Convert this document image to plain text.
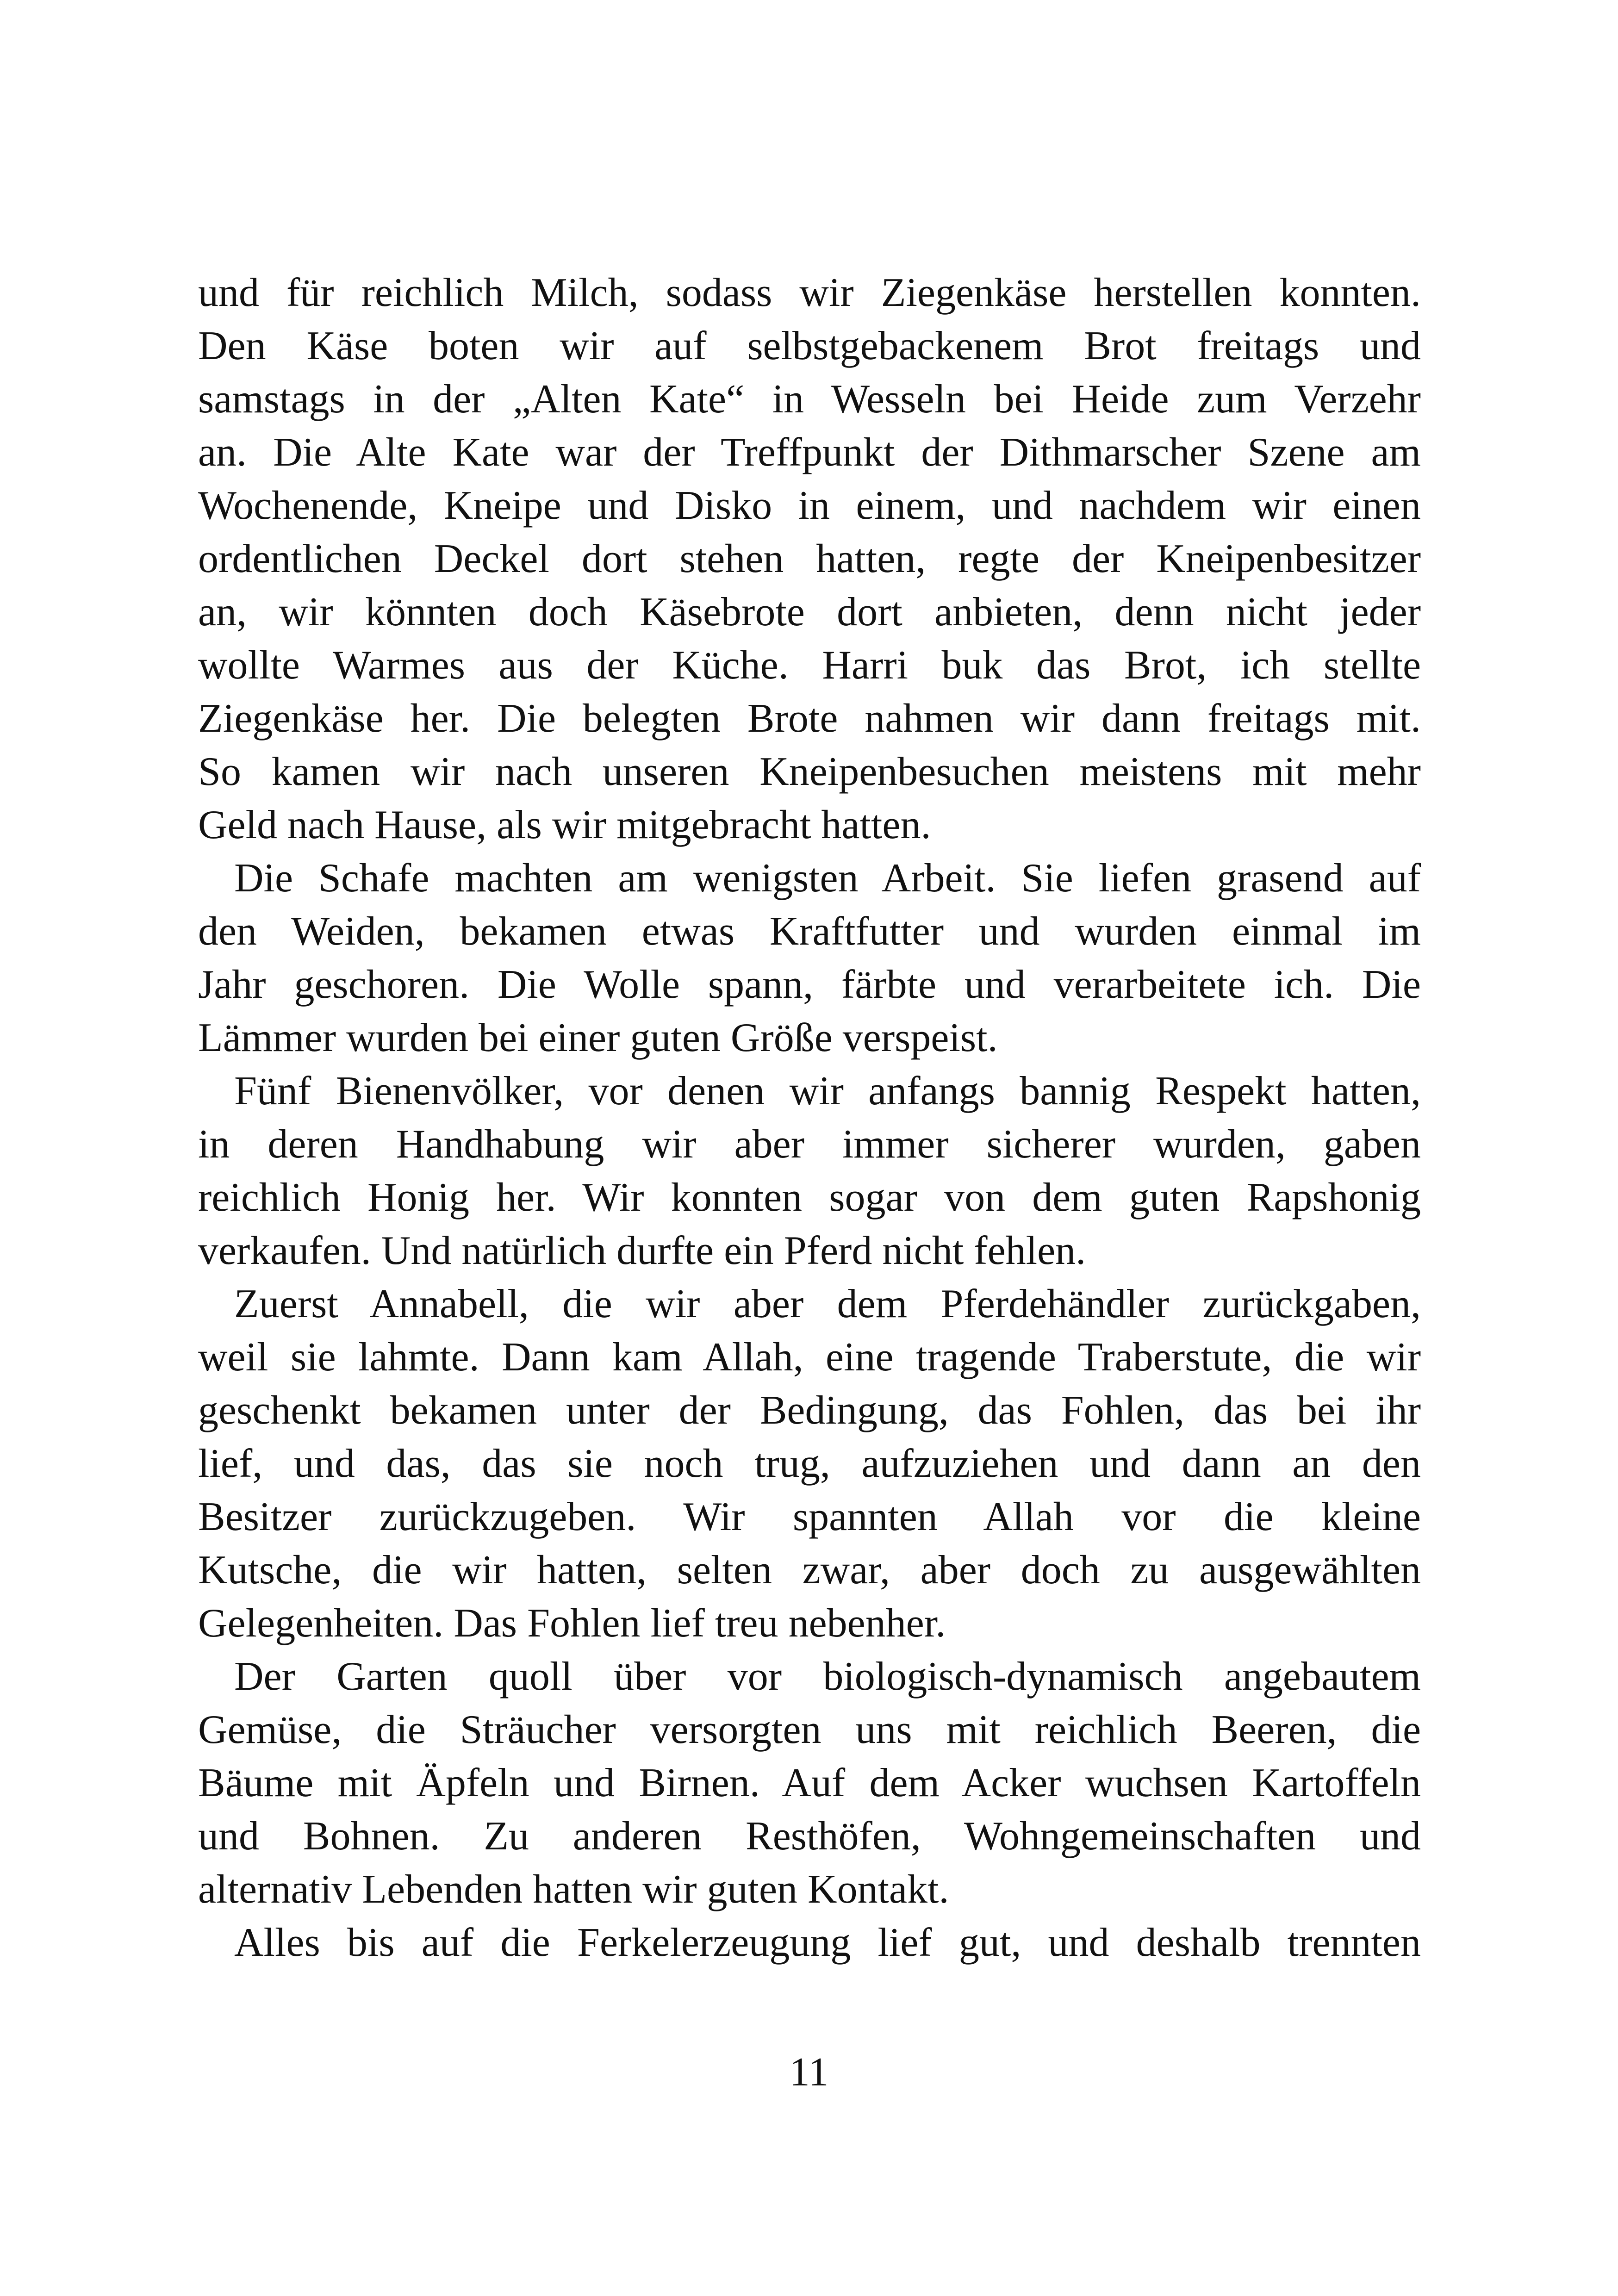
und für reichlich Milch, sodass wir Ziegenkäse herstellen konnten.
Den Käse boten wir auf selbstgebackenem Brot freitags und
samstags in der „Alten Kate“ in Wesseln bei Heide zum Verzehr
an. Die Alte Kate war der Treffpunkt der Dithmarscher Szene am
Wochenende, Kneipe und Disko in einem, und nachdem wir einen
ordentlichen Deckel dort stehen hatten, regte der Kneipenbesitzer
an, wir könnten doch Käsebrote dort anbieten, denn nicht jeder
wollte Warmes aus der Küche. Harri buk das Brot, ich stellte
Ziegenkäse her. Die belegten Brote nahmen wir dann freitags mit.
So kamen wir nach unseren Kneipenbesuchen meistens mit mehr
Geld nach Hause, als wir mitgebracht hatten.
Die Schafe machten am wenigsten Arbeit. Sie liefen grasend auf
den Weiden, bekamen etwas Kraftfutter und wurden einmal im
Jahr geschoren. Die Wolle spann, färbte und verarbeitete ich. Die
Lämmer wurden bei einer guten Größe verspeist.
Fünf Bienenvölker, vor denen wir anfangs bannig Respekt hatten,
in deren Handhabung wir aber immer sicherer wurden, gaben
reichlich Honig her. Wir konnten sogar von dem guten Rapshonig
verkaufen. Und natürlich durfte ein Pferd nicht fehlen.
Zuerst Annabell, die wir aber dem Pferdehändler zurückgaben,
weil sie lahmte. Dann kam Allah, eine tragende Traberstute, die wir
geschenkt bekamen unter der Bedingung, das Fohlen, das bei ihr
lief, und das, das sie noch trug, aufzuziehen und dann an den
Besitzer zurückzugeben. Wir spannten Allah vor die kleine
Kutsche, die wir hatten, selten zwar, aber doch zu ausgewählten
Gelegenheiten. Das Fohlen lief treu nebenher.
Der Garten quoll über vor biologisch-dynamisch angebautem
Gemüse, die Sträucher versorgten uns mit reichlich Beeren, die
Bäume mit Äpfeln und Birnen. Auf dem Acker wuchsen Kartoffeln
und Bohnen. Zu anderen Resthöfen, Wohngemeinschaften und
alternativ Lebenden hatten wir guten Kontakt.
Alles bis auf die Ferkelerzeugung lief gut, und deshalb trennten
11
